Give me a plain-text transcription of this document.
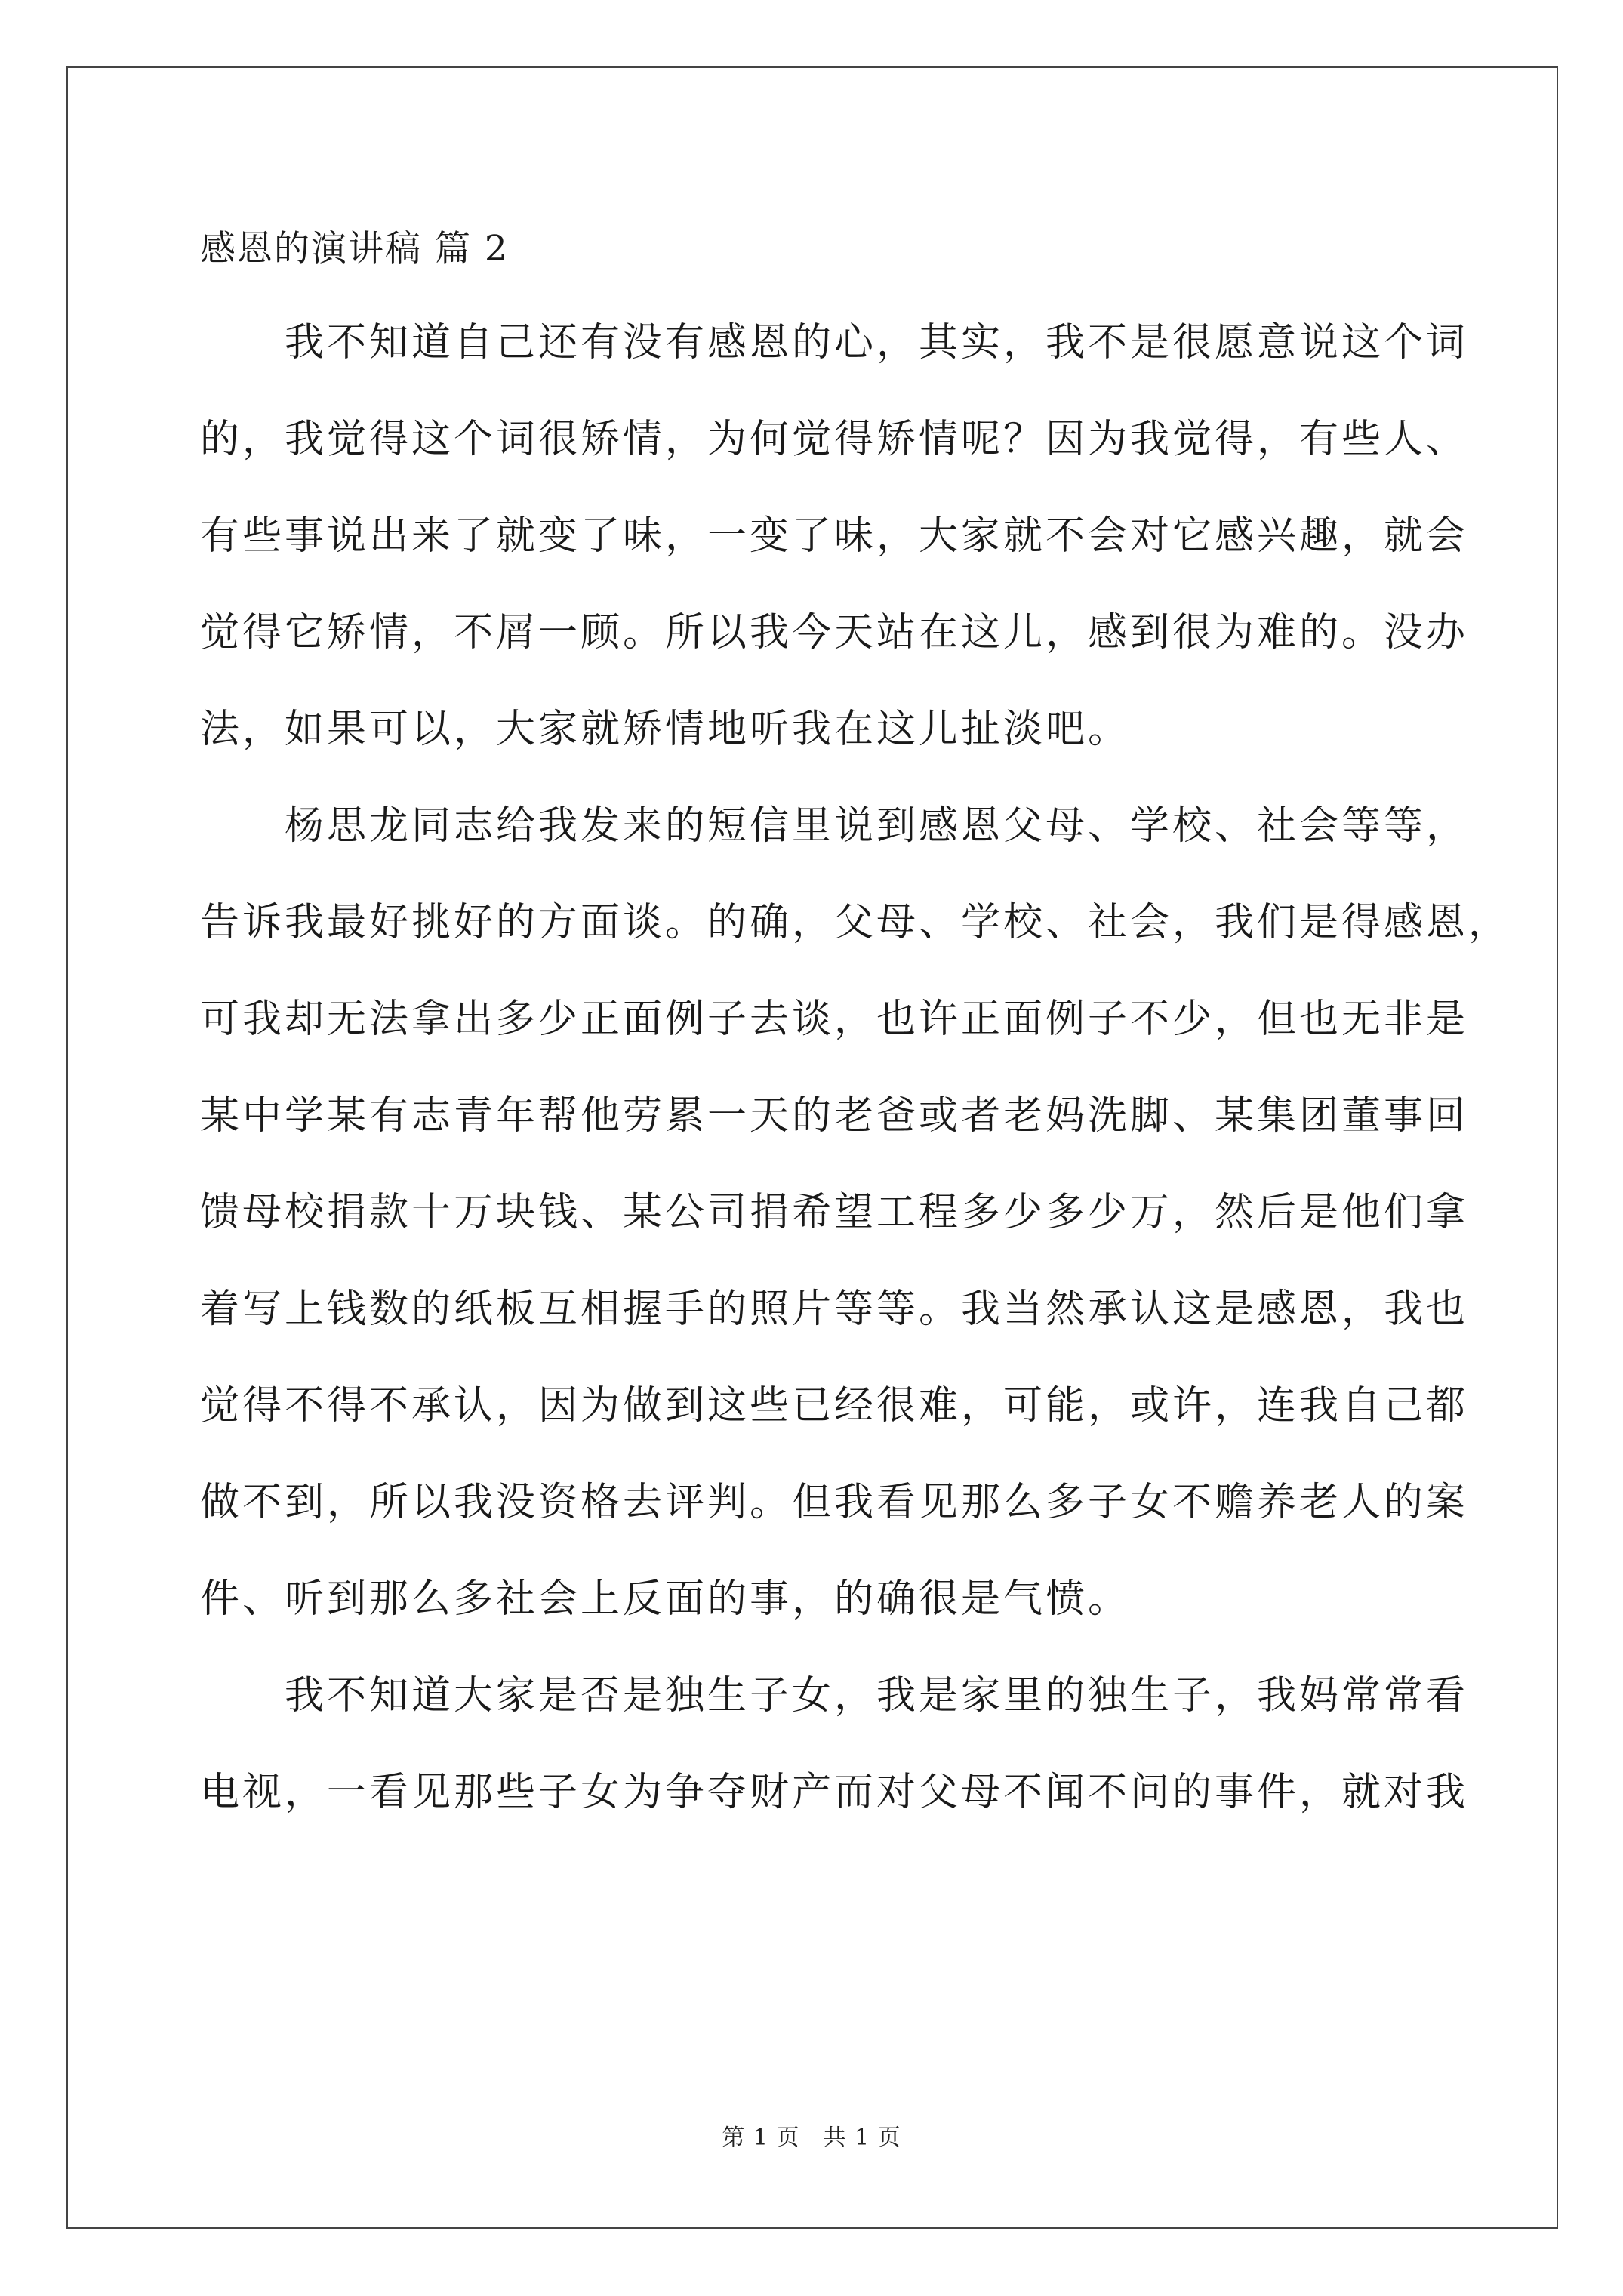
感恩的演讲稿 篇 2
　　我不知道自己还有没有感恩的心，其实，我不是很愿意说这个词
的，我觉得这个词很矫情，为何觉得矫情呢？因为我觉得，有些人、
有些事说出来了就变了味，一变了味，大家就不会对它感兴趣，就会
觉得它矫情，不屑一顾。所以我今天站在这儿，感到很为难的。没办
法，如果可以，大家就矫情地听我在这儿扯淡吧。
　　杨思龙同志给我发来的短信里说到感恩父母、学校、社会等等，
告诉我最好挑好的方面谈。的确，父母、学校、社会，我们是得感恩，
可我却无法拿出多少正面例子去谈，也许正面例子不少，但也无非是
某中学某有志青年帮他劳累一天的老爸或者老妈洗脚、某集团董事回
馈母校捐款十万块钱、某公司捐希望工程多少多少万，然后是他们拿
着写上钱数的纸板互相握手的照片等等。我当然承认这是感恩，我也
觉得不得不承认，因为做到这些已经很难，可能，或许，连我自己都
做不到，所以我没资格去评判。但我看见那么多子女不赡养老人的案
件、听到那么多社会上反面的事，的确很是气愤。
　　我不知道大家是否是独生子女，我是家里的独生子，我妈常常看
电视，一看见那些子女为争夺财产而对父母不闻不问的事件，就对我
第 1 页　共 1 页
